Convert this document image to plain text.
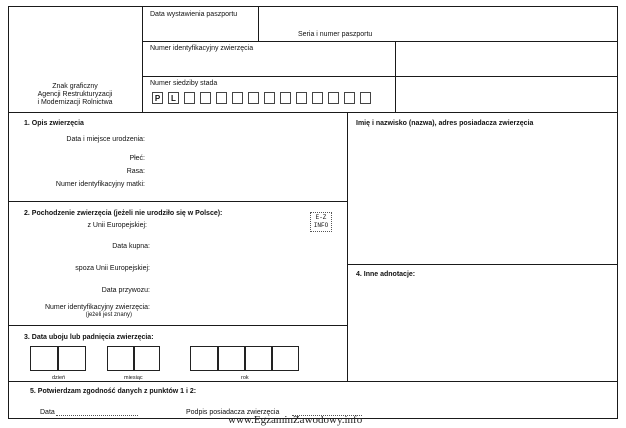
Data wystawienia paszportu
Seria i numer paszportu
Numer identyfikacyjny zwierzęcia
Numer siedziby stada
Znak graficzny
Agencji Restrukturyzacji
i Modernizacji Rolnictwa	P	L
1. Opis zwierzęcia
Data i miejsce urodzenia:
Płeć:
Rasa:
Numer identyfikacyjny matki:
Imię i nazwisko (nazwa), adres posiadacza zwierzęcia
2. Pochodzenie zwierzęcia (jeżeli nie urodziło się w Polsce):
z Unii Europejskiej:
Data kupna:
spoza Unii Europejskiej:
Data przywozu:
Numer identyfikacyjny zwierzęcia:
(jeżeli jest znany)
E-Z
INFO
4. Inne adnotacje:
3. Data uboju lub padnięcia zwierzęcia:
dzień	miesiąc	rok
5. Potwierdzam zgodność danych z punktów 1 i 2:
Data	Podpis posiadacza zwierzęcia
www.EgzaminZawodowy.info
